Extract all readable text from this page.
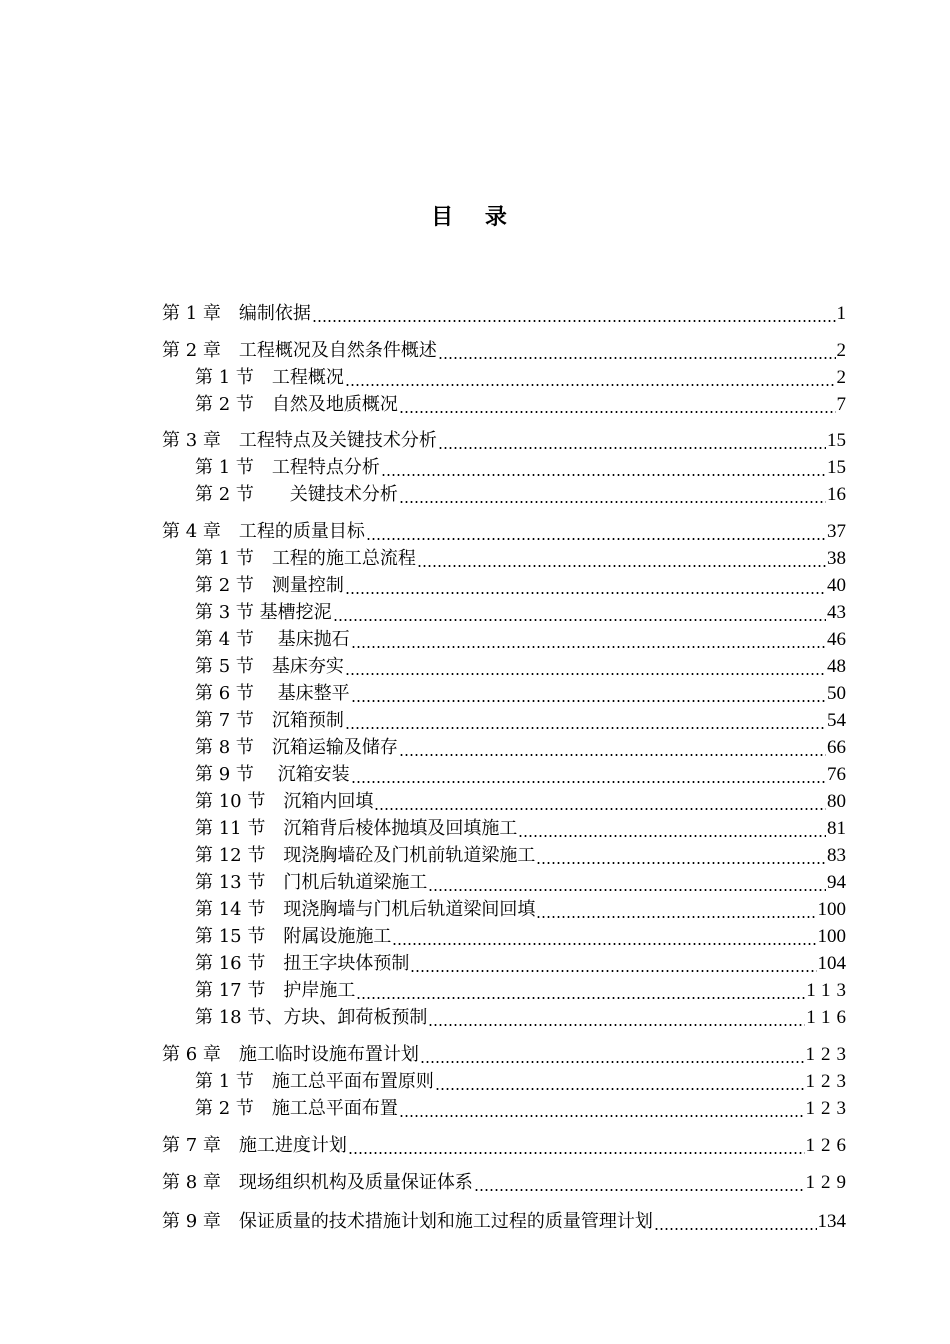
目 录
第 1 章　编制依据	1
第 2 章　工程概况及自然条件概述	2
第 1 节　工程概况	2
第 2 节　自然及地质概况	7
第 3 章　工程特点及关键技术分析	15
第 1 节　工程特点分析	15
第 2 节　　关键技术分析	16
第 4 章　工程的质量目标	37
第 1 节　工程的施工总流程	38
第 2 节　测量控制	40
第 3 节 基槽挖泥	43
第 4 节　 基床抛石	46
第 5 节　基床夯实	48
第 6 节　 基床整平	50
第 7 节　沉箱预制	54
第 8 节　沉箱运输及储存	66
第 9 节　 沉箱安装	76
第 10 节　沉箱内回填	80
第 11 节　沉箱背后棱体抛填及回填施工	81
第 12 节　现浇胸墙砼及门机前轨道梁施工	83
第 13 节　门机后轨道梁施工	94
第 14 节　现浇胸墙与门机后轨道梁间回填	100
第 15 节　附属设施施工	100
第 16 节　扭王字块体预制	104
第 17 节　护岸施工	113
第 18 节、方块、卸荷板预制	116
第 6 章　施工临时设施布置计划	123
第 1 节　施工总平面布置原则	123
第 2 节　施工总平面布置	123
第 7 章　施工进度计划	126
第 8 章　现场组织机构及质量保证体系	129
第 9 章　保证质量的技术措施计划和施工过程的质量管理计划	134
